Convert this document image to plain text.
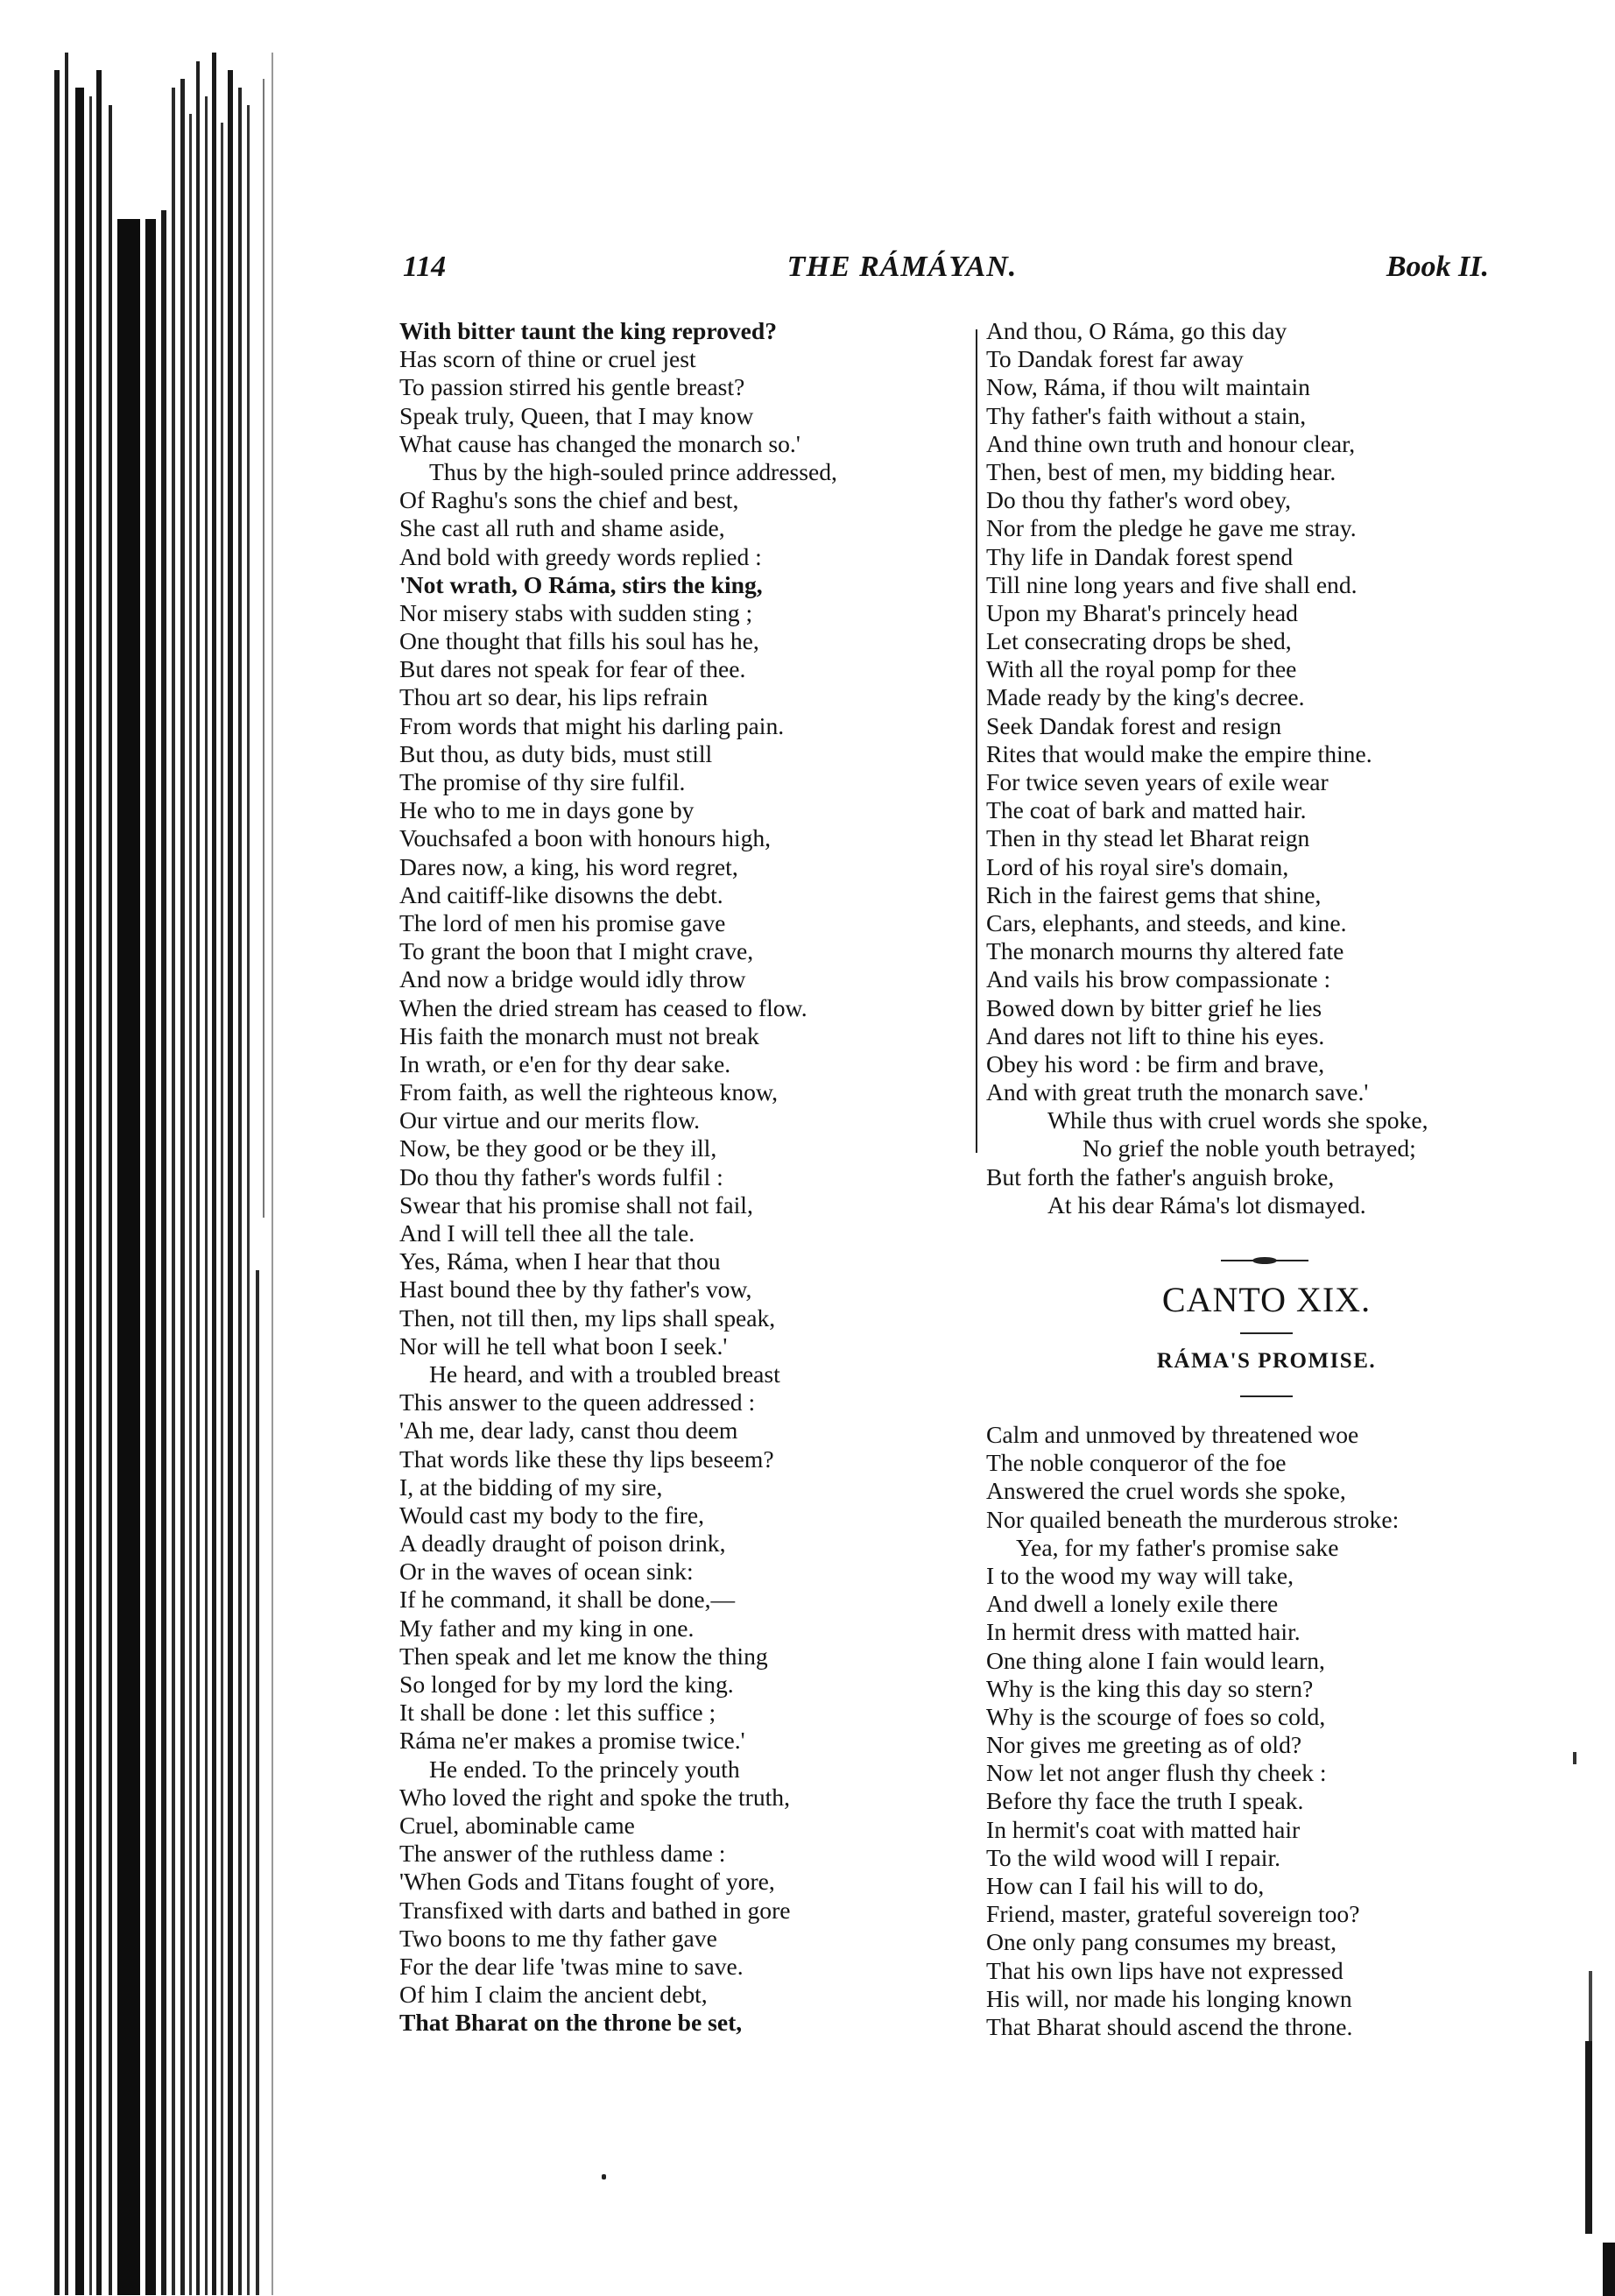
114	THE RÁMÁYAN.	Book II.
With bitter taunt the king reproved?
Has scorn of thine or cruel jest
To passion stirred his gentle breast?
Speak truly, Queen, that I may know
What cause has changed the monarch so.'
Thus by the high-souled prince addressed,
Of Raghu's sons the chief and best,
She cast all ruth and shame aside,
And bold with greedy words replied :
'Not wrath, O Ráma, stirs the king,
Nor misery stabs with sudden sting ;
One thought that fills his soul has he,
But dares not speak for fear of thee.
Thou art so dear, his lips refrain
From words that might his darling pain.
But thou, as duty bids, must still
The promise of thy sire fulfil.
He who to me in days gone by
Vouchsafed a boon with honours high,
Dares now, a king, his word regret,
And caitiff-like disowns the debt.
The lord of men his promise gave
To grant the boon that I might crave,
And now a bridge would idly throw
When the dried stream has ceased to flow.
His faith the monarch must not break
In wrath, or e'en for thy dear sake.
From faith, as well the righteous know,
Our virtue and our merits flow.
Now, be they good or be they ill,
Do thou thy father's words fulfil :
Swear that his promise shall not fail,
And I will tell thee all the tale.
Yes, Ráma, when I hear that thou
Hast bound thee by thy father's vow,
Then, not till then, my lips shall speak,
Nor will he tell what boon I seek.'
He heard, and with a troubled breast
This answer to the queen addressed :
'Ah me, dear lady, canst thou deem
That words like these thy lips beseem?
I, at the bidding of my sire,
Would cast my body to the fire,
A deadly draught of poison drink,
Or in the waves of ocean sink:
If he command, it shall be done,—
My father and my king in one.
Then speak and let me know the thing
So longed for by my lord the king.
It shall be done : let this suffice ;
Ráma ne'er makes a promise twice.'
He ended. To the princely youth
Who loved the right and spoke the truth,
Cruel, abominable came
The answer of the ruthless dame :
'When Gods and Titans fought of yore,
Transfixed with darts and bathed in gore
Two boons to me thy father gave
For the dear life 'twas mine to save.
Of him I claim the ancient debt,
That Bharat on the throne be set,
And thou, O Ráma, go this day
To Dandak forest far away
Now, Ráma, if thou wilt maintain
Thy father's faith without a stain,
And thine own truth and honour clear,
Then, best of men, my bidding hear.
Do thou thy father's word obey,
Nor from the pledge he gave me stray.
Thy life in Dandak forest spend
Till nine long years and five shall end.
Upon my Bharat's princely head
Let consecrating drops be shed,
With all the royal pomp for thee
Made ready by the king's decree.
Seek Dandak forest and resign
Rites that would make the empire thine.
For twice seven years of exile wear
The coat of bark and matted hair.
Then in thy stead let Bharat reign
Lord of his royal sire's domain,
Rich in the fairest gems that shine,
Cars, elephants, and steeds, and kine.
The monarch mourns thy altered fate
And vails his brow compassionate :
Bowed down by bitter grief he lies
And dares not lift to thine his eyes.
Obey his word : be firm and brave,
And with great truth the monarch save.'
While thus with cruel words she spoke,
No grief the noble youth betrayed;
But forth the father's anguish broke,
At his dear Ráma's lot dismayed.
CANTO XIX.
RÁMA'S PROMISE.
Calm and unmoved by threatened woe
The noble conqueror of the foe
Answered the cruel words she spoke,
Nor quailed beneath the murderous stroke:
Yea, for my father's promise sake
I to the wood my way will take,
And dwell a lonely exile there
In hermit dress with matted hair.
One thing alone I fain would learn,
Why is the king this day so stern?
Why is the scourge of foes so cold,
Nor gives me greeting as of old?
Now let not anger flush thy cheek :
Before thy face the truth I speak.
In hermit's coat with matted hair
To the wild wood will I repair.
How can I fail his will to do,
Friend, master, grateful sovereign too?
One only pang consumes my breast,
That his own lips have not expressed
His will, nor made his longing known
That Bharat should ascend the throne.
